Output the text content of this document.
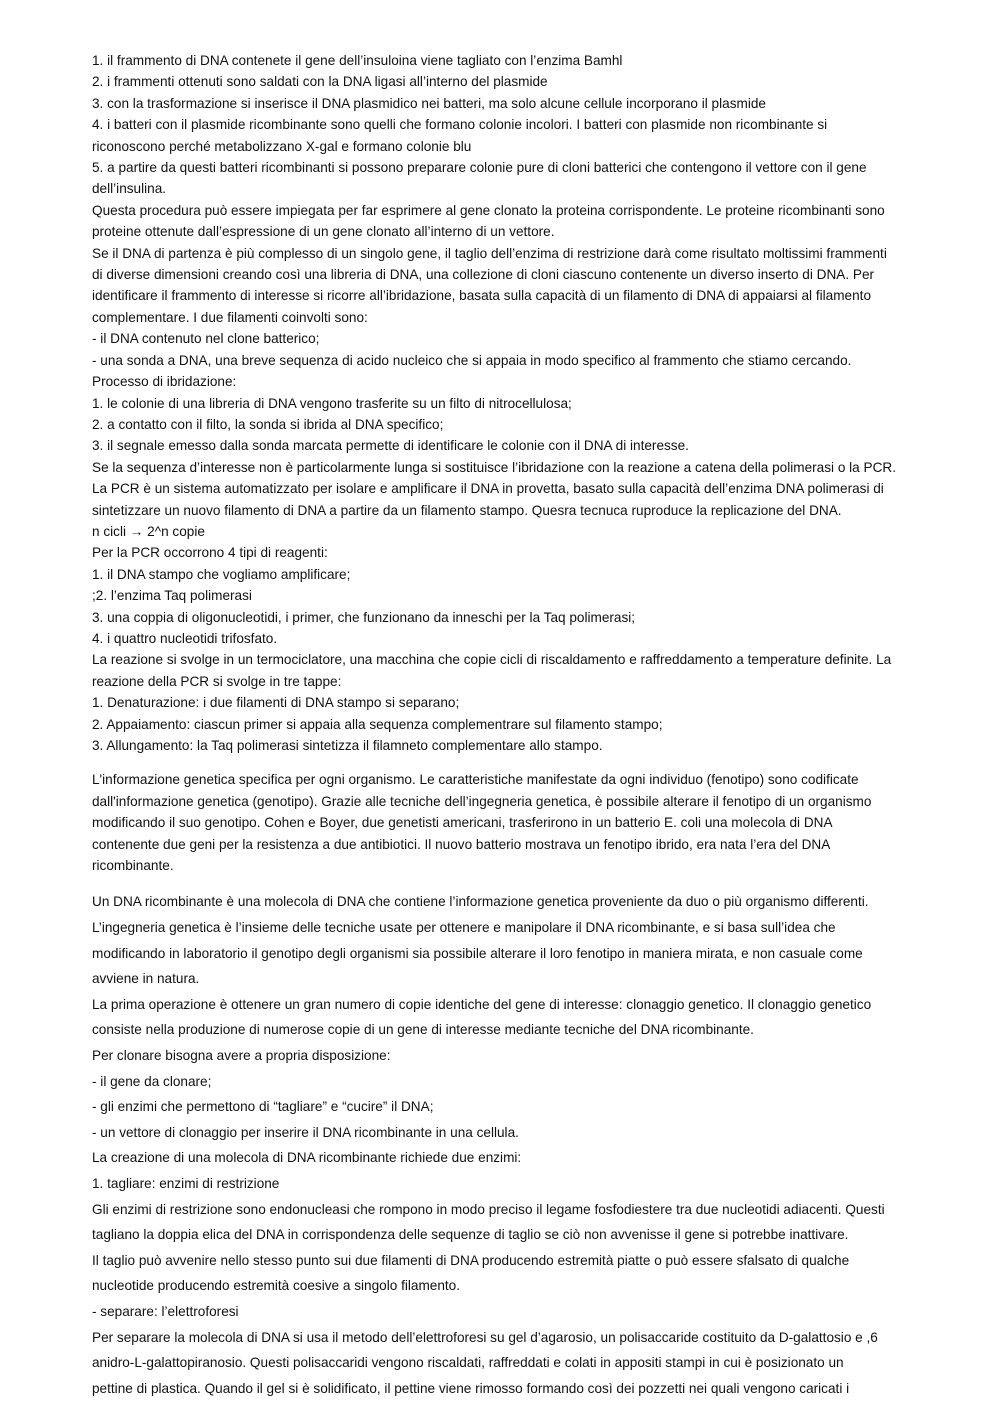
1. il frammento di DNA contenete il gene dell’insuloina viene tagliato con l’enzima Bamhl

2. i frammenti ottenuti sono saldati con la DNA ligasi all’interno del plasmide

3. con la trasformazione si inserisce il DNA plasmidico nei batteri, ma solo alcune cellule incorporano il plasmide

4. i batteri con il plasmide ricombinante sono quelli che formano colonie incolori. I batteri con plasmide non ricombinante si

riconoscono perché metabolizzano X-gal e formano colonie blu

5. a partire da questi batteri ricombinanti si possono preparare colonie pure di cloni batterici che contengono il vettore con il gene

dell’insulina.

Questa procedura può essere impiegata per far esprimere al gene clonato la proteina corrispondente. Le proteine ricombinanti sono

proteine ottenute dall’espressione di un gene clonato all’interno di un vettore.

Se il DNA di partenza è più complesso di un singolo gene, il taglio dell’enzima di restrizione darà come risultato moltissimi frammenti

di diverse dimensioni creando così una libreria di DNA, una collezione di cloni ciascuno contenente un diverso inserto di DNA. Per

identificare il frammento di interesse si ricorre all’ibridazione, basata sulla capacità di un filamento di DNA di appaiarsi al filamento

complementare. I due filamenti coinvolti sono:

- il DNA contenuto nel clone batterico;

- una sonda a DNA, una breve sequenza di acido nucleico che si appaia in modo specifico al frammento che stiamo cercando.

Processo di ibridazione:

1. le colonie di una libreria di DNA vengono trasferite su un filto di nitrocellulosa;

2. a contatto con il filto, la sonda si ibrida al DNA specifico;

3. il segnale emesso dalla sonda marcata permette di identificare le colonie con il DNA di interesse.

Se la sequenza d’interesse non è particolarmente lunga si sostituisce l’ibridazione con la reazione a catena della polimerasi o la PCR.

La PCR è un sistema automatizzato per isolare e amplificare il DNA in provetta, basato sulla capacità dell’enzima DNA polimerasi di

sintetizzare un nuovo filamento di DNA a partire da un filamento stampo. Quesra tecnuca ruproduce la replicazione del DNA.

n cicli → 2^n copie

Per la PCR occorrono 4 tipi di reagenti:

1. il DNA stampo che vogliamo amplificare;

;2. l’enzima Taq polimerasi

3. una coppia di oligonucleotidi, i primer, che funzionano da inneschi per la Taq polimerasi;

4. i quattro nucleotidi trifosfato.

La reazione si svolge in un termociclatore, una macchina che copie cicli di riscaldamento e raffreddamento a temperature definite. La

reazione della PCR si svolge in tre tappe:

1. Denaturazione: i due filamenti di DNA stampo si separano;

2. Appaiamento: ciascun primer si appaia alla sequenza complementrare sul filamento stampo;

3. Allungamento: la Taq polimerasi sintetizza il filamneto complementare allo stampo.

L'informazione genetica specifica per ogni organismo. Le caratteristiche manifestate da ogni individuo (fenotipo) sono codificate

dall'informazione genetica (genotipo). Grazie alle tecniche dell’ingegneria genetica, è possibile alterare il fenotipo di un organismo

modificando il suo genotipo. Cohen e Boyer, due genetisti americani, trasferirono in un batterio E. coli una molecola di DNA

contenente due geni per la resistenza a due antibiotici. Il nuovo batterio mostrava un fenotipo ibrido, era nata l’era del DNA

ricombinante.

Un DNA ricombinante è una molecola di DNA che contiene l’informazione genetica proveniente da duo o più organismo differenti.

L’ingegneria genetica è l’insieme delle tecniche usate per ottenere e manipolare il DNA ricombinante, e si basa sull’idea che

modificando in laboratorio il genotipo degli organismi sia possibile alterare il loro fenotipo in maniera mirata, e non casuale come

avviene in natura.

La prima operazione è ottenere un gran numero di copie identiche del gene di interesse: clonaggio genetico. Il clonaggio genetico

consiste nella produzione di numerose copie di un gene di interesse mediante tecniche del DNA ricombinante.

Per clonare bisogna avere a propria disposizione:

- il gene da clonare;

- gli enzimi che permettono di “tagliare” e “cucire” il DNA;

- un vettore di clonaggio per inserire il DNA ricombinante in una cellula.

La creazione di una molecola di DNA ricombinante richiede due enzimi:

1. tagliare: enzimi di restrizione

Gli enzimi di restrizione sono endonucleasi che rompono in modo preciso il legame fosfodiestere tra due nucleotidi adiacenti. Questi

tagliano la doppia elica del DNA in corrispondenza delle sequenze di taglio se ciò non avvenisse il gene si potrebbe inattivare.

Il taglio può avvenire nello stesso punto sui due filamenti di DNA producendo estremità piatte o può essere sfalsato di qualche

nucleotide producendo estremità coesive a singolo filamento.

- separare: l’elettroforesi

Per separare la molecola di DNA si usa il metodo dell’elettroforesi su gel d’agarosio, un polisaccaride costituito da D-galattosio e ,6

anidro-L-galattopiranosio. Questi polisaccaridi vengono riscaldati, raffreddati e colati in appositi stampi in cui è posizionato un

pettine di plastica. Quando il gel si è solidificato, il pettine viene rimosso formando così dei pozzetti nei quali vengono caricati i
